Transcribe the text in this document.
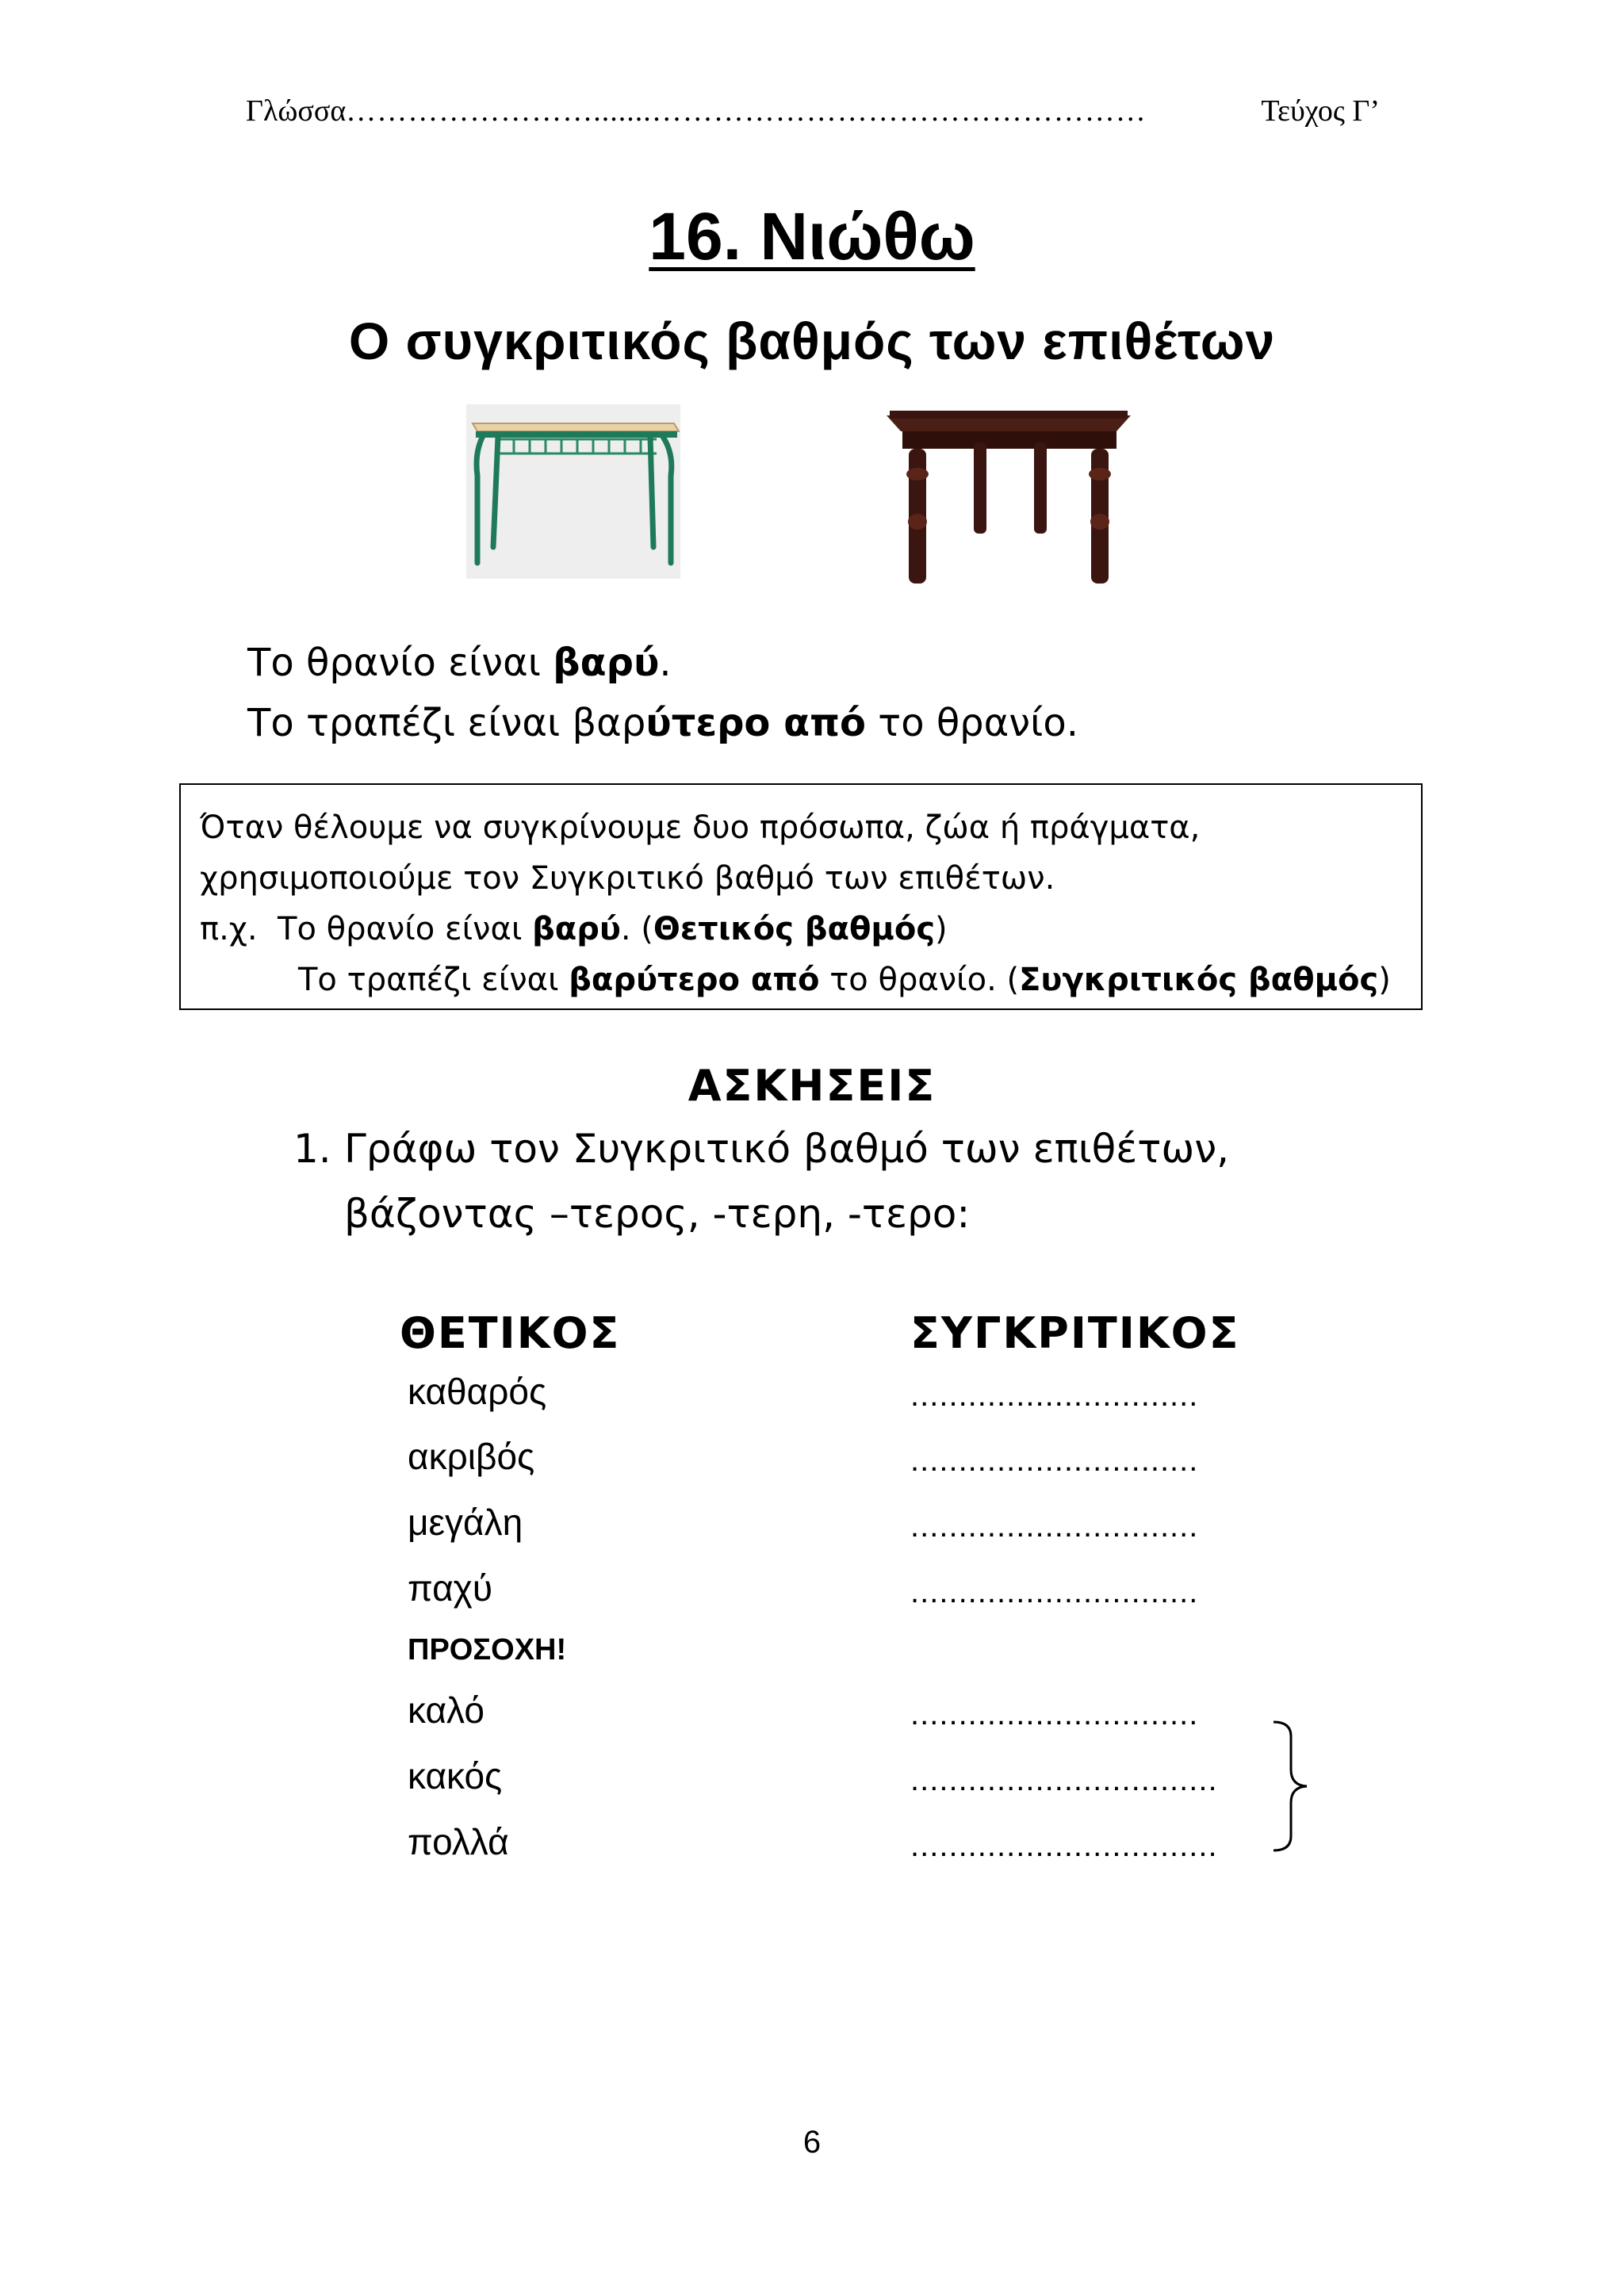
Γλώσσα …………………….......…………………………………………	Τεύχος Γ’
16. Νιώθω
Ο συγκριτικός βαθμός των επιθέτων
Το θρανίο είναι βαρύ.
Το τραπέζι είναι βαρύτερο από το θρανίο.
Όταν θέλουμε να συγκρίνουμε δυο πρόσωπα, ζώα ή πράγματα,
χρησιμοποιούμε τον Συγκριτικό βαθμό των επιθέτων.
π.χ.  Το θρανίο είναι βαρύ. (Θετικός βαθμός)
Το τραπέζι είναι βαρύτερο από το θρανίο. (Συγκριτικός βαθμός)
ΑΣΚΗΣΕΙΣ
1. Γράφω τον Συγκριτικό βαθμό των επιθέτων,
βάζοντας –τερος, -τερη, -τερο:
ΘΕΤΙΚΟΣ	ΣΥΓΚΡΙΤΙΚΟΣ
καθαρός	..............................
ακριβός	..............................
μεγάλη	..............................
παχύ	..............................
ΠΡΟΣΟΧΗ!
καλό	..............................
κακός	................................
πολλά	................................
6
